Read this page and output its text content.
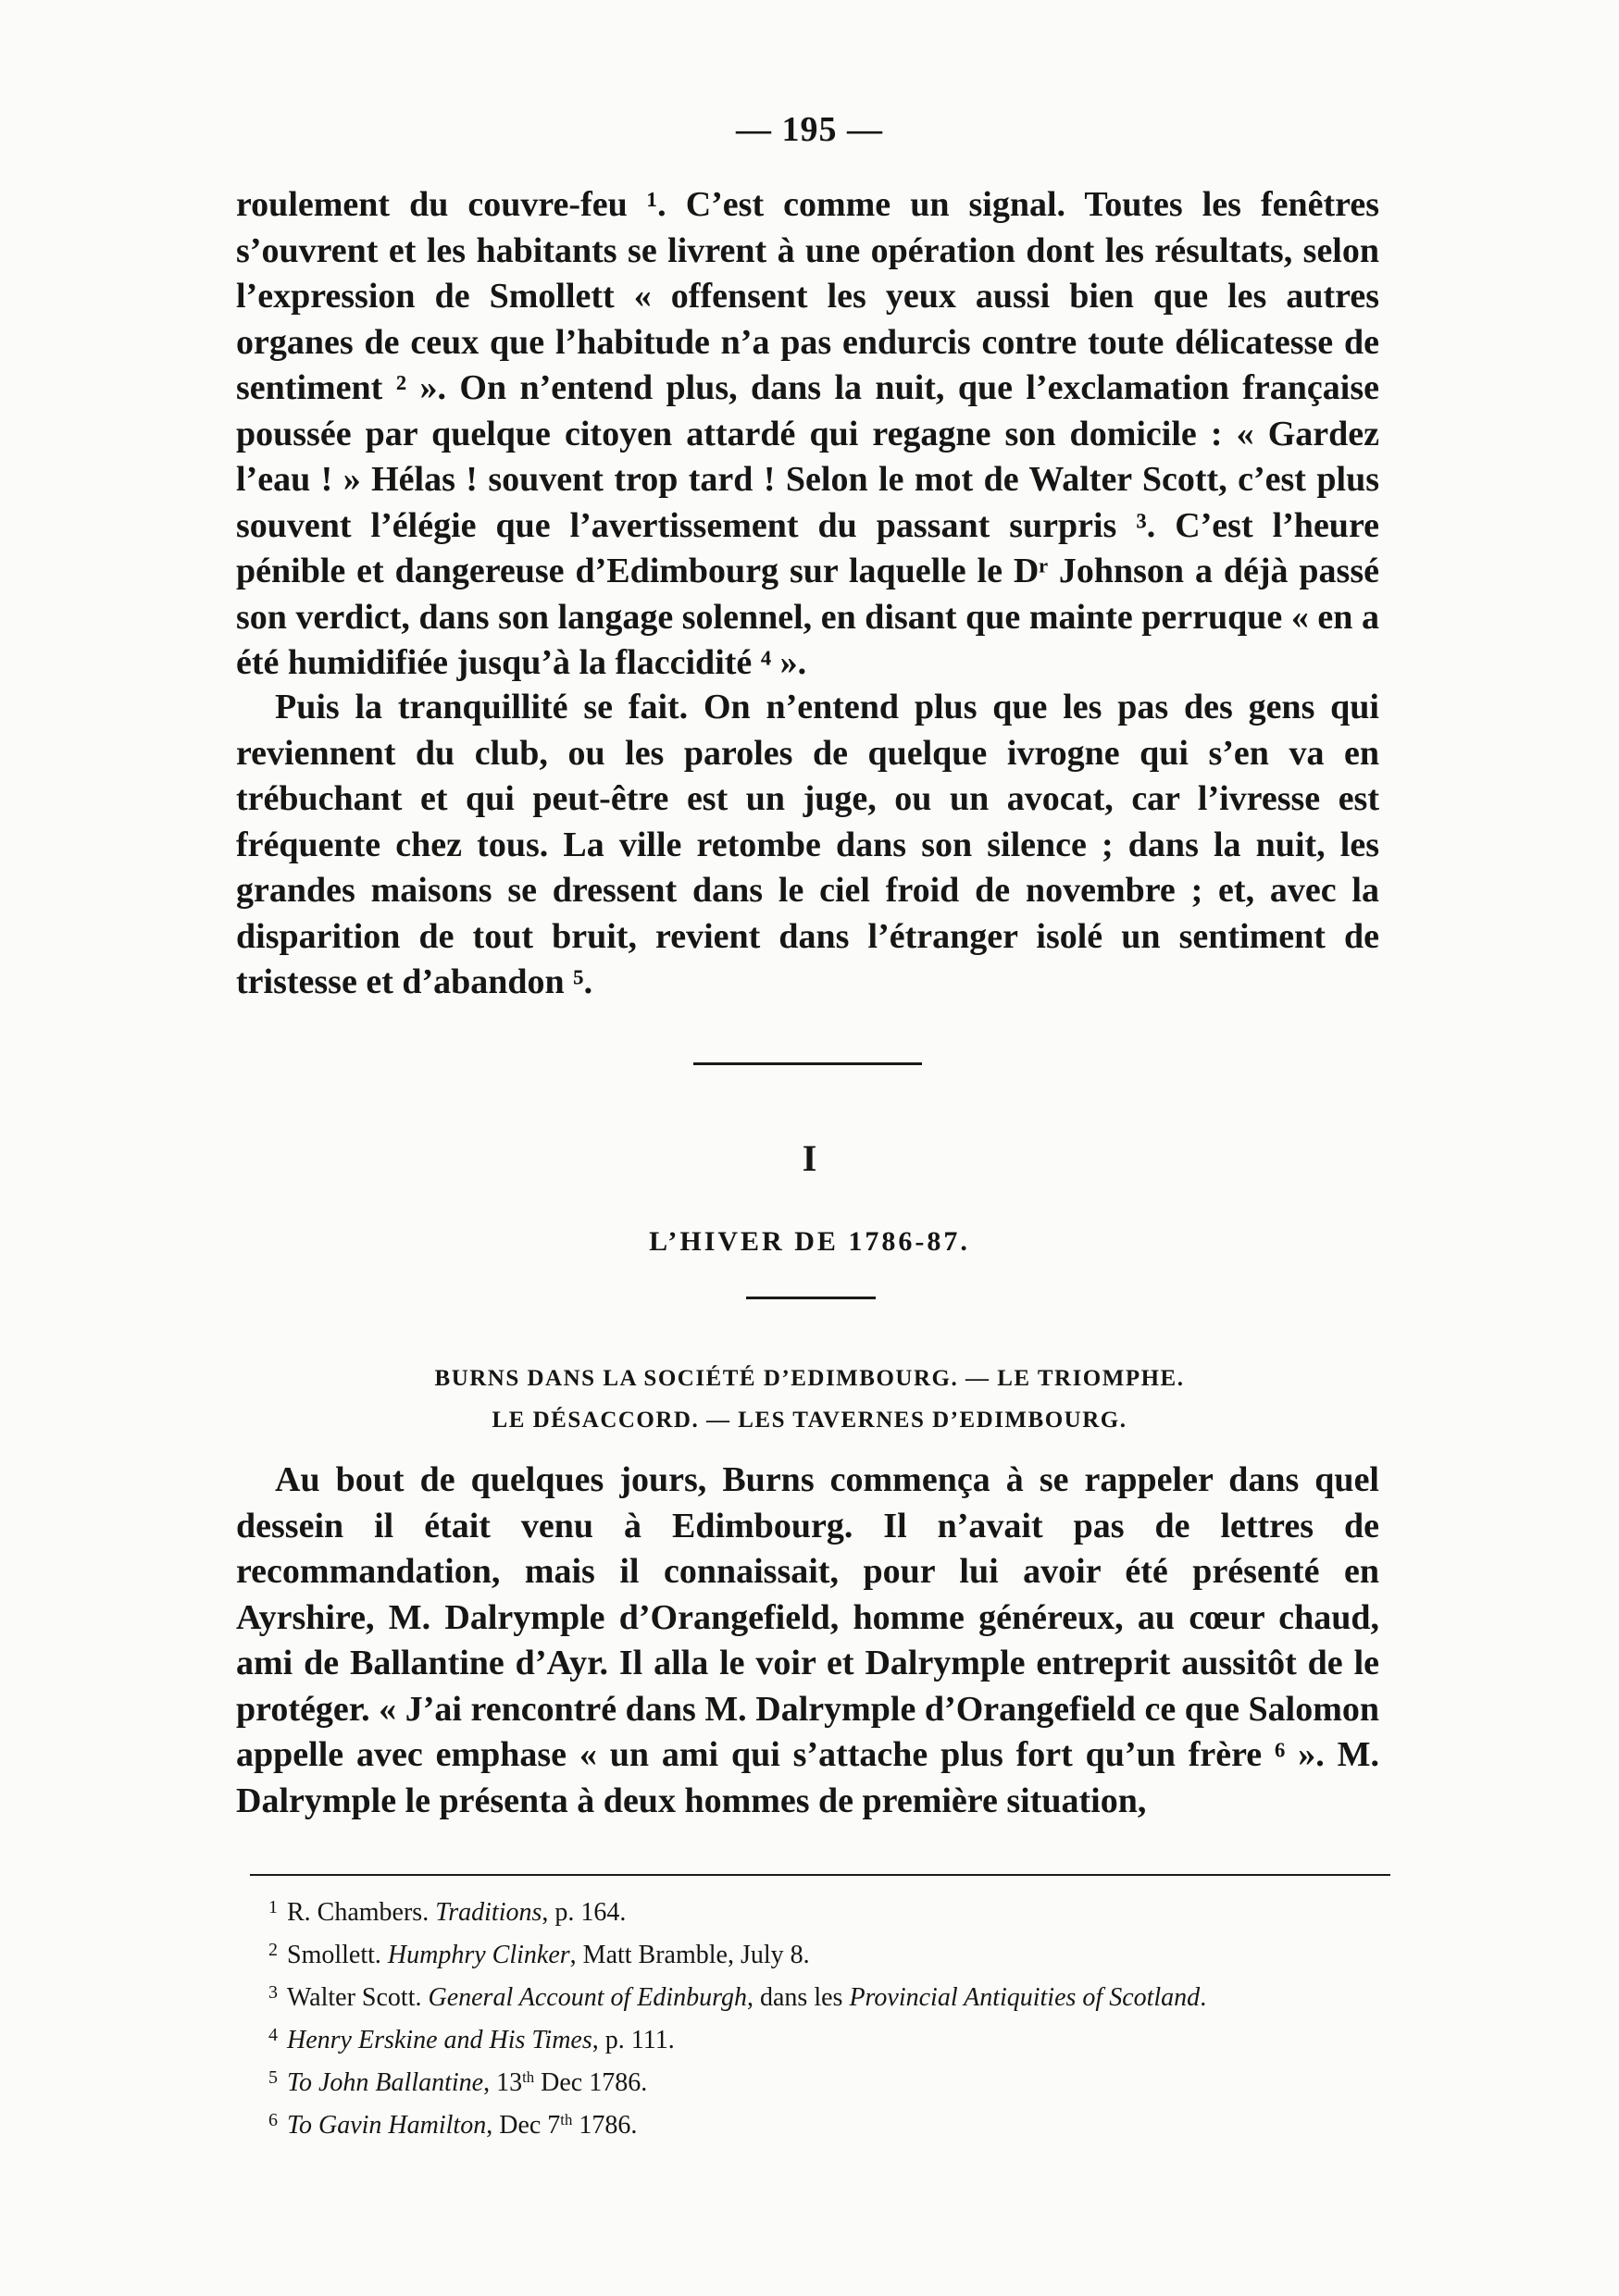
— 195 —

roulement du couvre-feu ¹. C’est comme un signal. Toutes les fenêtres s’ouvrent et les habitants se livrent à une opération dont les résultats, selon l’expression de Smollett « offensent les yeux aussi bien que les autres organes de ceux que l’habitude n’a pas endurcis contre toute délicatesse de sentiment ² ». On n’entend plus, dans la nuit, que l’exclamation française poussée par quelque citoyen attardé qui regagne son domicile : « Gardez l’eau ! » Hélas ! souvent trop tard ! Selon le mot de Walter Scott, c’est plus souvent l’élégie que l’avertissement du passant surpris ³. C’est l’heure pénible et dangereuse d’Edimbourg sur laquelle le Dʳ Johnson a déjà passé son verdict, dans son langage solennel, en disant que mainte perruque « en a été humidifiée jusqu’à la flaccidité ⁴ ».

Puis la tranquillité se fait. On n’entend plus que les pas des gens qui reviennent du club, ou les paroles de quelque ivrogne qui s’en va en trébuchant et qui peut-être est un juge, ou un avocat, car l’ivresse est fréquente chez tous. La ville retombe dans son silence ; dans la nuit, les grandes maisons se dressent dans le ciel froid de novembre ; et, avec la disparition de tout bruit, revient dans l’étranger isolé un sentiment de tristesse et d’abandon ⁵.

I
L’HIVER DE 1786-87.
BURNS DANS LA SOCIÉTÉ D’EDIMBOURG. — LE TRIOMPHE.
LE DÉSACCORD. — LES TAVERNES D’EDIMBOURG.

Au bout de quelques jours, Burns commença à se rappeler dans quel dessein il était venu à Edimbourg. Il n’avait pas de lettres de recommandation, mais il connaissait, pour lui avoir été présenté en Ayrshire, M. Dalrymple d’Orangefield, homme généreux, au cœur chaud, ami de Ballantine d’Ayr. Il alla le voir et Dalrymple entreprit aussitôt de le protéger. « J’ai rencontré dans M. Dalrymple d’Orangefield ce que Salomon appelle avec emphase « un ami qui s’attache plus fort qu’un frère ⁶ ». M. Dalrymple le présenta à deux hommes de première situation,

$^1$ R. Chambers. Traditions, p. 164.
$^2$ Smollett. Humphry Clinker, Matt Bramble, July 8.
$^3$ Walter Scott. General Account of Edinburgh, dans les Provincial Antiquities of Scotland.
$^4$ Henry Erskine and His Times, p. 111.
$^5$ To John Ballantine, 13th Dec 1786.
$^6$ To Gavin Hamilton, Dec 7th 1786.
